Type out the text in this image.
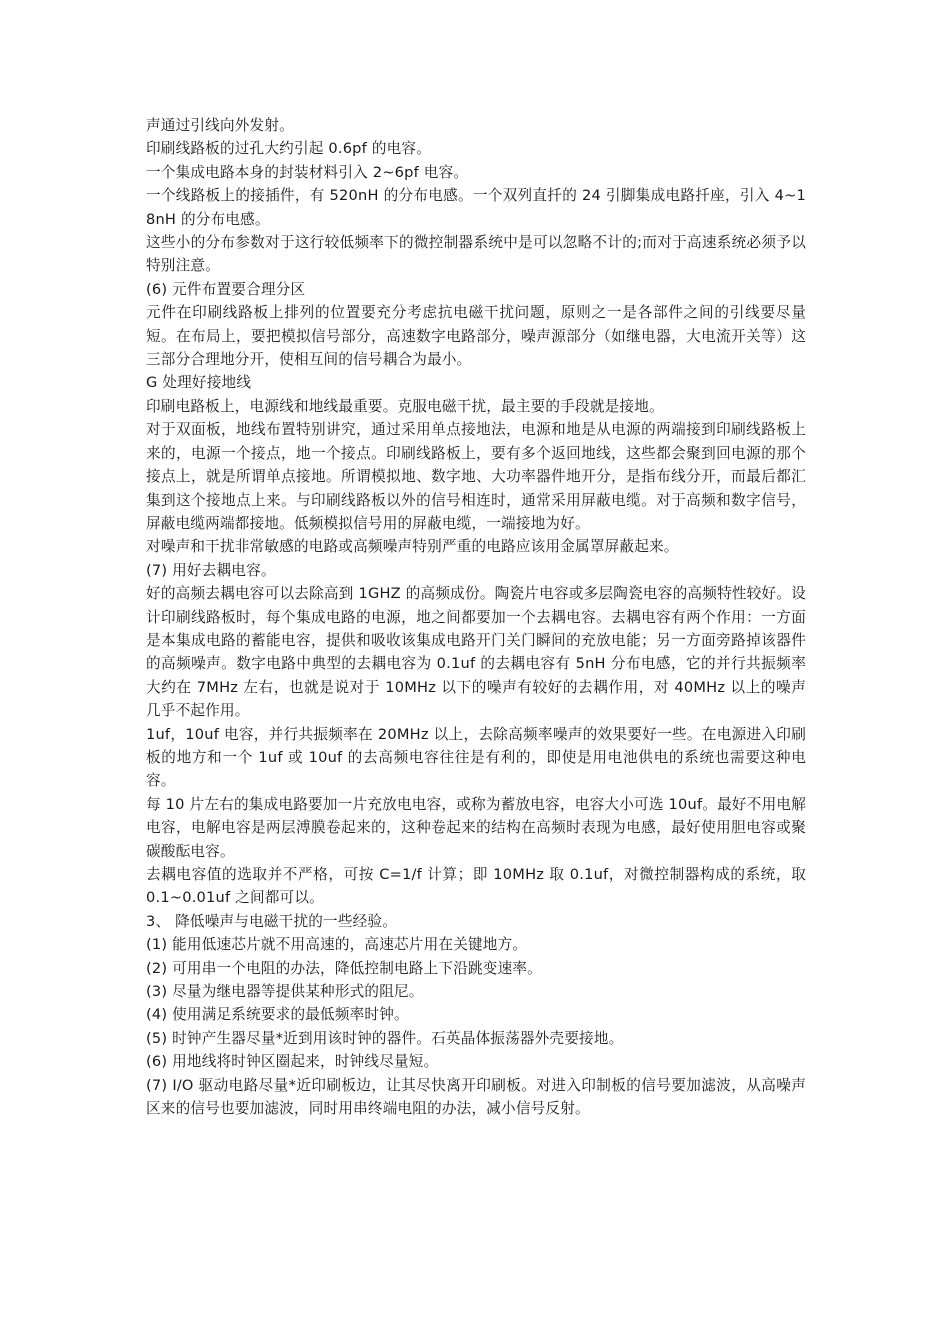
声通过引线向外发射。

印刷线路板的过孔大约引起 0.6pf 的电容。

一个集成电路本身的封装材料引入 2~6pf 电容。

一个线路板上的接插件，有 520nH 的分布电感。一个双列直扦的 24 引脚集成电路扦座，引入 4~18nH 的分布电感。

这些小的分布参数对于这行较低频率下的微控制器系统中是可以忽略不计的;而对于高速系统必须予以特别注意。

(6) 元件布置要合理分区

元件在印刷线路板上排列的位置要充分考虑抗电磁干扰问题，原则之一是各部件之间的引线要尽量短。在布局上，要把模拟信号部分，高速数字电路部分，噪声源部分（如继电器，大电流开关等）这三部分合理地分开，使相互间的信号耦合为最小。

G 处理好接地线

印刷电路板上，电源线和地线最重要。克服电磁干扰，最主要的手段就是接地。

对于双面板，地线布置特别讲究，通过采用单点接地法，电源和地是从电源的两端接到印刷线路板上来的，电源一个接点，地一个接点。印刷线路板上，要有多个返回地线，这些都会聚到回电源的那个接点上，就是所谓单点接地。所谓模拟地、数字地、大功率器件地开分，是指布线分开，而最后都汇集到这个接地点上来。与印刷线路板以外的信号相连时，通常采用屏蔽电缆。对于高频和数字信号，屏蔽电缆两端都接地。低频模拟信号用的屏蔽电缆，一端接地为好。

对噪声和干扰非常敏感的电路或高频噪声特别严重的电路应该用金属罩屏蔽起来。

(7) 用好去耦电容。

好的高频去耦电容可以去除高到 1GHZ 的高频成份。陶瓷片电容或多层陶瓷电容的高频特性较好。设计印刷线路板时，每个集成电路的电源，地之间都要加一个去耦电容。去耦电容有两个作用：一方面是本集成电路的蓄能电容，提供和吸收该集成电路开门关门瞬间的充放电能；另一方面旁路掉该器件的高频噪声。数字电路中典型的去耦电容为 0.1uf 的去耦电容有 5nH 分布电感，它的并行共振频率大约在 7MHz 左右，也就是说对于 10MHz 以下的噪声有较好的去耦作用，对 40MHz 以上的噪声几乎不起作用。

1uf，10uf 电容，并行共振频率在 20MHz 以上，去除高频率噪声的效果要好一些。在电源进入印刷板的地方和一个 1uf 或 10uf 的去高频电容往往是有利的，即使是用电池供电的系统也需要这种电容。

每 10 片左右的集成电路要加一片充放电电容，或称为蓄放电容，电容大小可选 10uf。最好不用电解电容，电解电容是两层溥膜卷起来的，这种卷起来的结构在高频时表现为电感，最好使用胆电容或聚碳酸酝电容。

去耦电容值的选取并不严格，可按 C=1/f 计算；即 10MHz 取 0.1uf，对微控制器构成的系统，取 0.1~0.01uf 之间都可以。

3、 降低噪声与电磁干扰的一些经验。

(1) 能用低速芯片就不用高速的，高速芯片用在关键地方。

(2) 可用串一个电阻的办法，降低控制电路上下沿跳变速率。

(3) 尽量为继电器等提供某种形式的阻尼。

(4) 使用满足系统要求的最低频率时钟。

(5) 时钟产生器尽量*近到用该时钟的器件。石英晶体振荡器外壳要接地。

(6) 用地线将时钟区圈起来，时钟线尽量短。

(7) I/O 驱动电路尽量*近印刷板边，让其尽快离开印刷板。对进入印制板的信号要加滤波，从高噪声区来的信号也要加滤波，同时用串终端电阻的办法，减小信号反射。
